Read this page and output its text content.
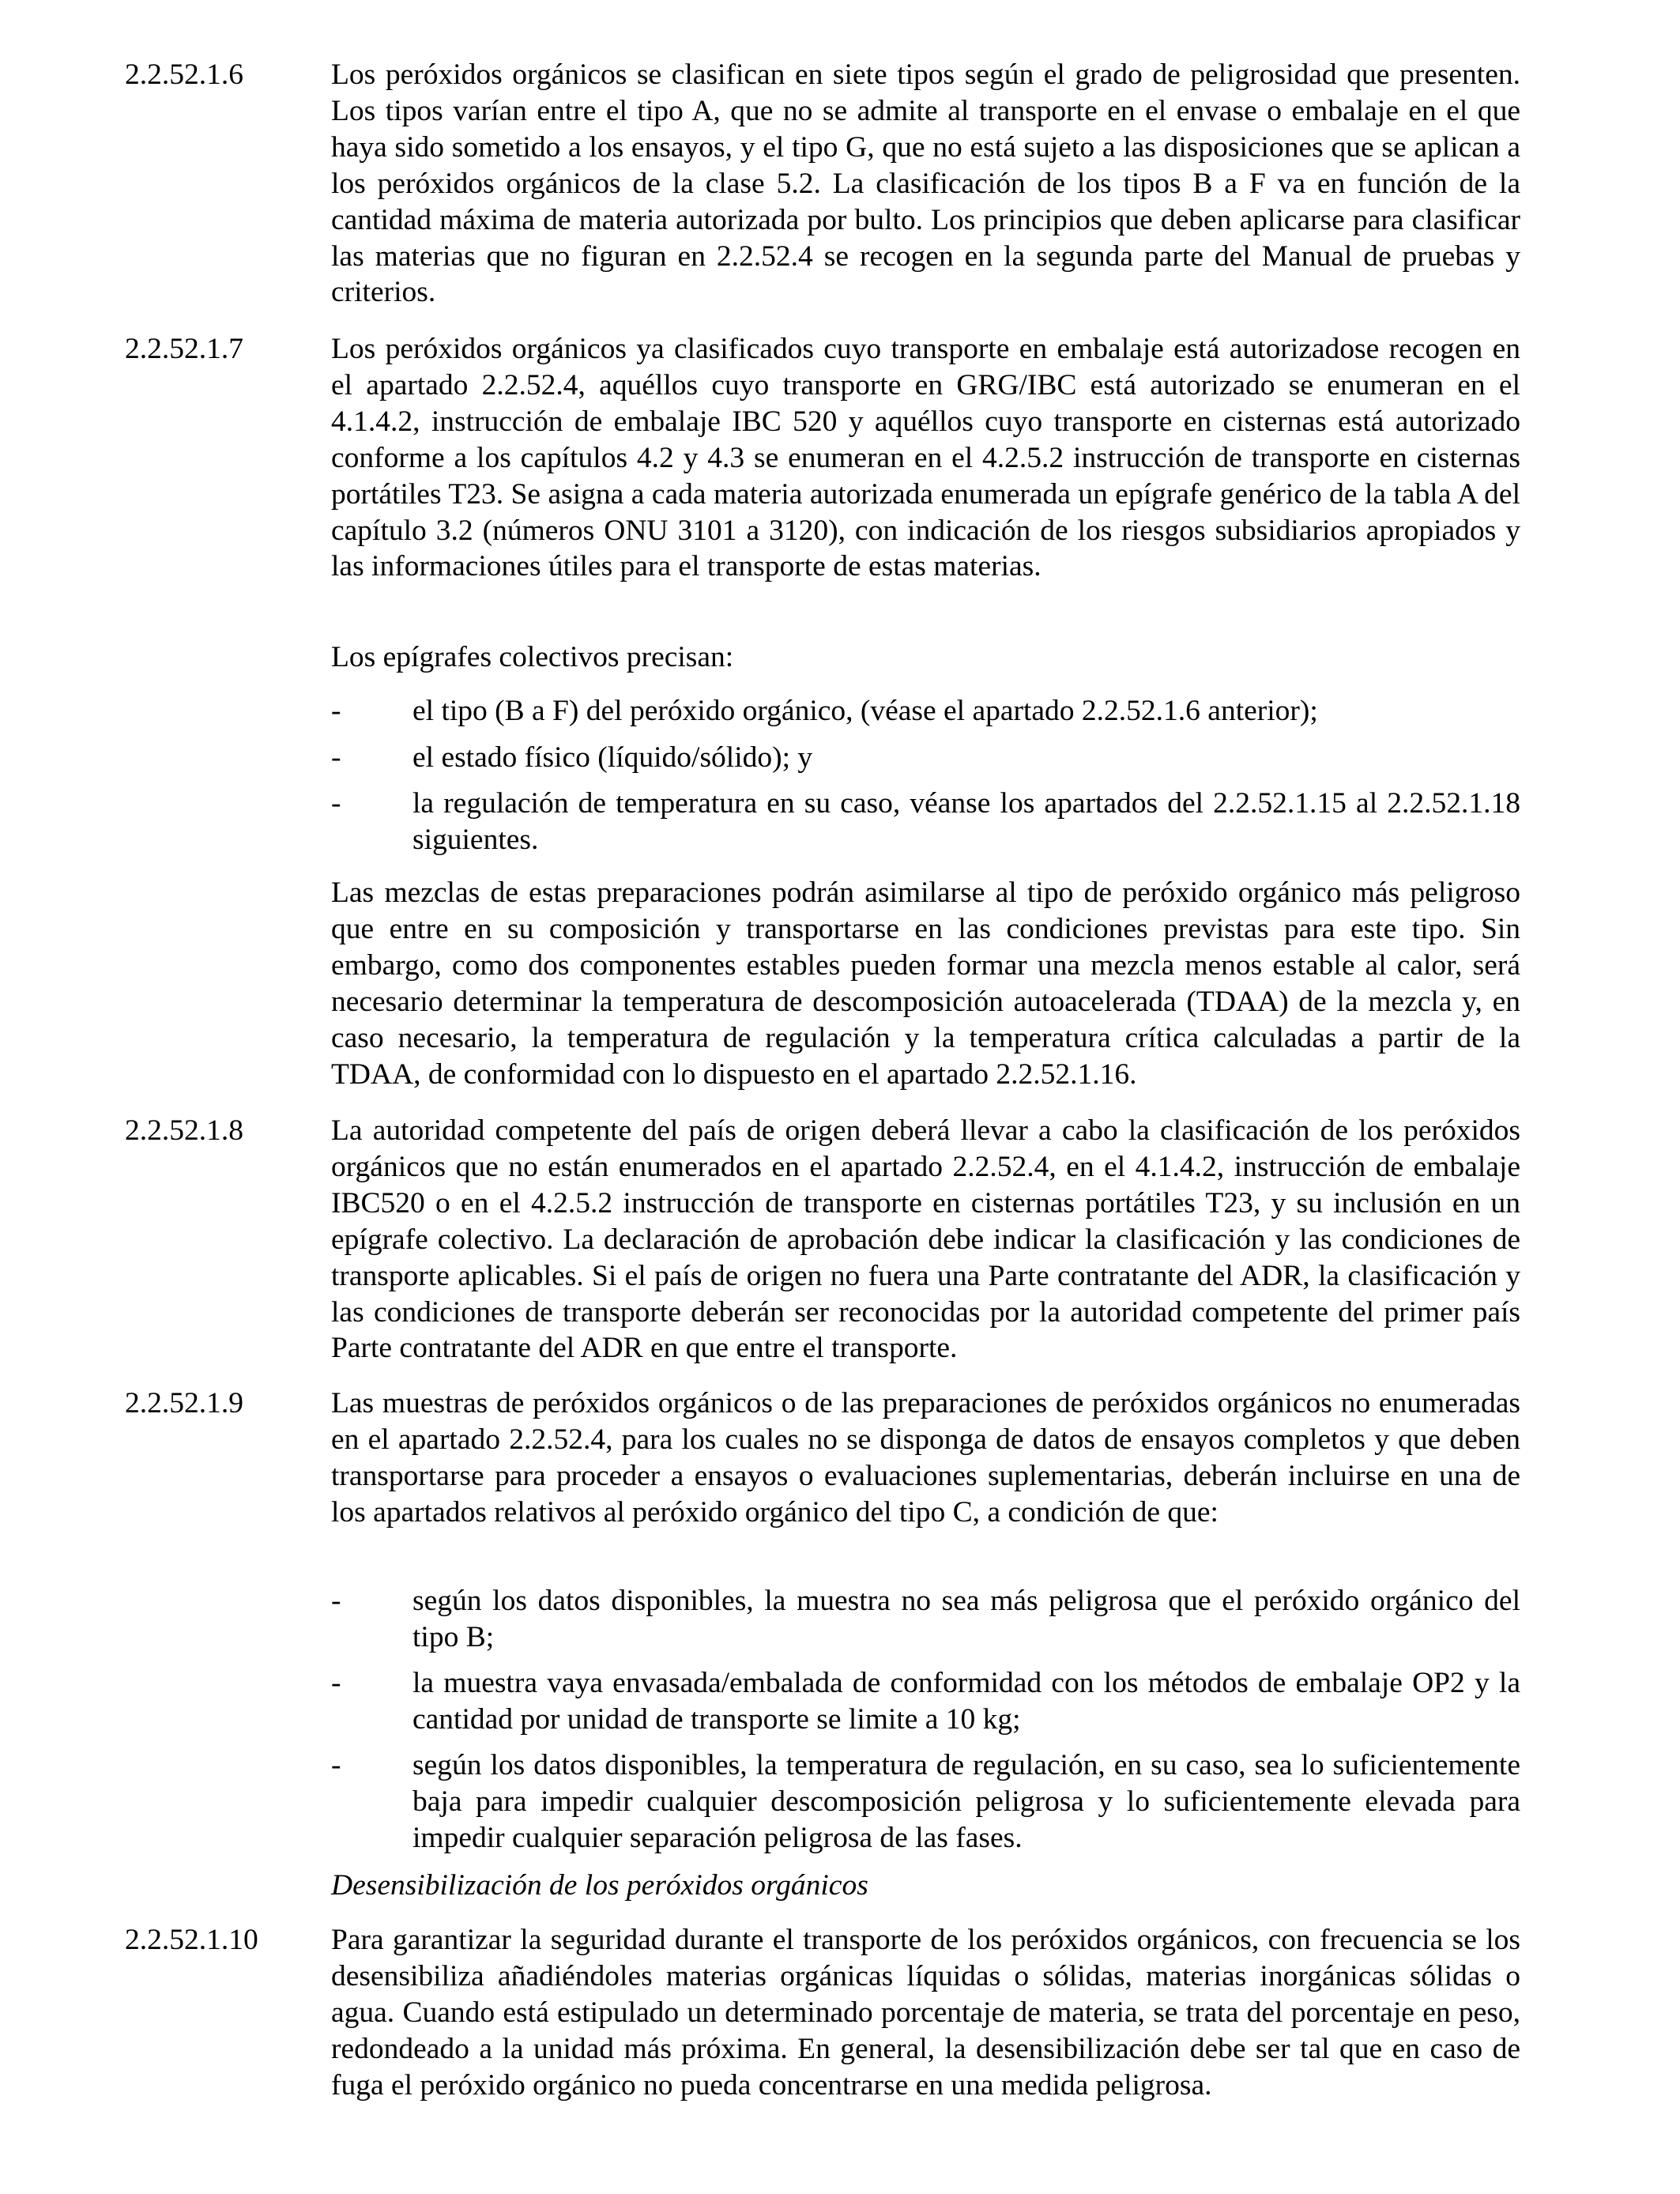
2.2.52.1.6	Los peróxidos orgánicos se clasifican en siete tipos según el grado de peligrosidad que presenten. Los tipos varían entre el tipo A, que no se admite al transporte en el envase o embalaje en el que haya sido sometido a los ensayos, y el tipo G, que no está sujeto a las disposiciones que se aplican a los peróxidos orgánicos de la clase 5.2. La clasificación de los tipos B a F va en función de la cantidad máxima de materia autorizada por bulto. Los principios que deben aplicarse para clasificar las materias que no figuran en 2.2.52.4 se recogen en la segunda parte del Manual de pruebas y criterios.
2.2.52.1.7	Los peróxidos orgánicos ya clasificados cuyo transporte en embalaje está autorizadose recogen en el apartado 2.2.52.4, aquéllos cuyo transporte en GRG/IBC está autorizado se enumeran en el 4.1.4.2, instrucción de embalaje IBC 520 y aquéllos cuyo transporte en cisternas está autorizado conforme a los capítulos 4.2 y 4.3 se enumeran en el 4.2.5.2 instrucción de transporte en cisternas portátiles T23. Se asigna a cada materia autorizada enumerada un epígrafe genérico de la tabla A del capítulo 3.2 (números ONU 3101 a 3120), con indicación de los riesgos subsidiarios apropiados y las informaciones útiles para el transporte de estas materias.
Los epígrafes colectivos precisan:
-	el tipo (B a F) del peróxido orgánico, (véase el apartado 2.2.52.1.6 anterior);
-	el estado físico (líquido/sólido); y
-	la regulación de temperatura en su caso, véanse los apartados del 2.2.52.1.15 al 2.2.52.1.18 siguientes.
Las mezclas de estas preparaciones podrán asimilarse al tipo de peróxido orgánico más peligroso que entre en su composición y transportarse en las condiciones previstas para este tipo. Sin embargo, como dos componentes estables pueden formar una mezcla menos estable al calor, será necesario determinar la temperatura de descomposición autoacelerada (TDAA) de la mezcla y, en caso necesario, la temperatura de regulación y la temperatura crítica calculadas a partir de la TDAA, de conformidad con lo dispuesto en el apartado 2.2.52.1.16.
2.2.52.1.8	La autoridad competente del país de origen deberá llevar a cabo la clasificación de los peróxidos orgánicos que no están enumerados en el apartado 2.2.52.4, en el 4.1.4.2, instrucción de embalaje IBC520 o en el 4.2.5.2 instrucción de transporte en cisternas portátiles T23, y su inclusión en un epígrafe colectivo. La declaración de aprobación debe indicar la clasificación y las condiciones de transporte aplicables. Si el país de origen no fuera una Parte contratante del ADR, la clasificación y las condiciones de transporte deberán ser reconocidas por la autoridad competente del primer país Parte contratante del ADR en que entre el transporte.
2.2.52.1.9	Las muestras de peróxidos orgánicos o de las preparaciones de peróxidos orgánicos no enumeradas en el apartado 2.2.52.4, para los cuales no se disponga de datos de ensayos completos y que deben transportarse para proceder a ensayos o evaluaciones suplementarias, deberán incluirse en una de los apartados relativos al peróxido orgánico del tipo C, a condición de que:
-	según los datos disponibles, la muestra no sea más peligrosa que el peróxido orgánico del tipo B;
-	la muestra vaya envasada/embalada de conformidad con los métodos de embalaje OP2 y la cantidad por unidad de transporte se limite a 10 kg;
-	según los datos disponibles, la temperatura de regulación, en su caso, sea lo suficientemente baja para impedir cualquier descomposición peligrosa y lo suficientemente elevada para impedir cualquier separación peligrosa de las fases.
Desensibilización de los peróxidos orgánicos
2.2.52.1.10	Para garantizar la seguridad durante el transporte de los peróxidos orgánicos, con frecuencia se los desensibiliza añadiéndoles materias orgánicas líquidas o sólidas, materias inorgánicas sólidas o agua. Cuando está estipulado un determinado porcentaje de materia, se trata del porcentaje en peso, redondeado a la unidad más próxima. En general, la desensibilización debe ser tal que en caso de fuga el peróxido orgánico no pueda concentrarse en una medida peligrosa.
